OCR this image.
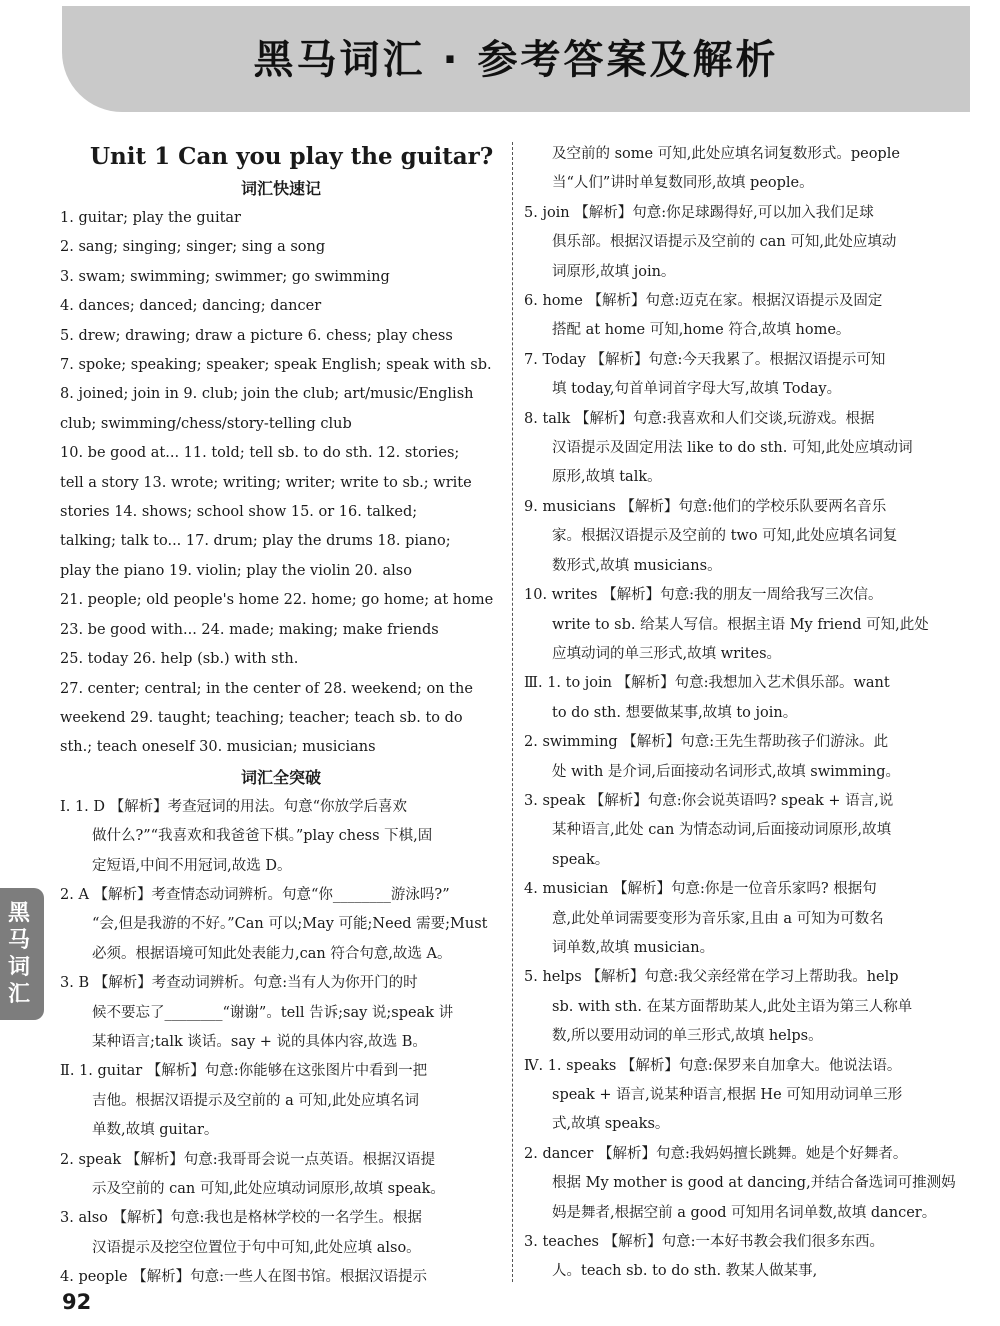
黑马词汇 · 参考答案及解析
Unit 1 Can you play the guitar?
词汇快速记
1. guitar; play the guitar
2. sang; singing; singer; sing a song
3. swam; swimming; swimmer; go swimming
4. dances; danced; dancing; dancer
5. drew; drawing; draw a picture 6. chess; play chess
7. spoke; speaking; speaker; speak English; speak with sb.
8. joined; join in 9. club; join the club; art/music/English
club; swimming/chess/story-telling club
10. be good at... 11. told; tell sb. to do sth. 12. stories;
tell a story 13. wrote; writing; writer; write to sb.; write
stories 14. shows; school show 15. or 16. talked;
talking; talk to... 17. drum; play the drums 18. piano;
play the piano 19. violin; play the violin 20. also
21. people; old people's home 22. home; go home; at home
23. be good with... 24. made; making; make friends
25. today 26. help (sb.) with sth.
27. center; central; in the center of 28. weekend; on the
weekend 29. taught; teaching; teacher; teach sb. to do
sth.; teach oneself 30. musician; musicians
词汇全突破
Ⅰ. 1. D 【解析】考查冠词的用法。句意“你放学后喜欢
做什么?”“我喜欢和我爸爸下棋。”play chess 下棋,固
定短语,中间不用冠词,故选 D。
2. A 【解析】考查情态动词辨析。句意“你________游泳吗?”
“会,但是我游的不好。”Can 可以;May 可能;Need 需要;Must
必须。根据语境可知此处表能力,can 符合句意,故选 A。
3. B 【解析】考查动词辨析。句意:当有人为你开门的时
候不要忘了________“谢谢”。tell 告诉;say 说;speak 讲
某种语言;talk 谈话。say + 说的具体内容,故选 B。
Ⅱ. 1. guitar 【解析】句意:你能够在这张图片中看到一把
吉他。根据汉语提示及空前的 a 可知,此处应填名词
单数,故填 guitar。
2. speak 【解析】句意:我哥哥会说一点英语。根据汉语提
示及空前的 can 可知,此处应填动词原形,故填 speak。
3. also 【解析】句意:我也是格林学校的一名学生。根据
汉语提示及挖空位置位于句中可知,此处应填 also。
4. people 【解析】句意:一些人在图书馆。根据汉语提示
及空前的 some 可知,此处应填名词复数形式。people
当“人们”讲时单复数同形,故填 people。
5. join 【解析】句意:你足球踢得好,可以加入我们足球
俱乐部。根据汉语提示及空前的 can 可知,此处应填动
词原形,故填 join。
6. home 【解析】句意:迈克在家。根据汉语提示及固定
搭配 at home 可知,home 符合,故填 home。
7. Today 【解析】句意:今天我累了。根据汉语提示可知
填 today,句首单词首字母大写,故填 Today。
8. talk 【解析】句意:我喜欢和人们交谈,玩游戏。根据
汉语提示及固定用法 like to do sth. 可知,此处应填动词
原形,故填 talk。
9. musicians 【解析】句意:他们的学校乐队要两名音乐
家。根据汉语提示及空前的 two 可知,此处应填名词复
数形式,故填 musicians。
10. writes 【解析】句意:我的朋友一周给我写三次信。
write to sb. 给某人写信。根据主语 My friend 可知,此处
应填动词的单三形式,故填 writes。
Ⅲ. 1. to join 【解析】句意:我想加入艺术俱乐部。want
to do sth. 想要做某事,故填 to join。
2. swimming 【解析】句意:王先生帮助孩子们游泳。此
处 with 是介词,后面接动名词形式,故填 swimming。
3. speak 【解析】句意:你会说英语吗? speak + 语言,说
某种语言,此处 can 为情态动词,后面接动词原形,故填
speak。
4. musician 【解析】句意:你是一位音乐家吗? 根据句
意,此处单词需要变形为音乐家,且由 a 可知为可数名
词单数,故填 musician。
5. helps 【解析】句意:我父亲经常在学习上帮助我。help
sb. with sth. 在某方面帮助某人,此处主语为第三人称单
数,所以要用动词的单三形式,故填 helps。
Ⅳ. 1. speaks 【解析】句意:保罗来自加拿大。他说法语。
speak + 语言,说某种语言,根据 He 可知用动词单三形
式,故填 speaks。
2. dancer 【解析】句意:我妈妈擅长跳舞。她是个好舞者。
根据 My mother is good at dancing,并结合备选词可推测妈
妈是舞者,根据空前 a good 可知用名词单数,故填 dancer。
3. teaches 【解析】句意:一本好书教会我们很多东西。
人。teach sb. to do sth. 教某人做某事,
黑
马
词
汇
92
